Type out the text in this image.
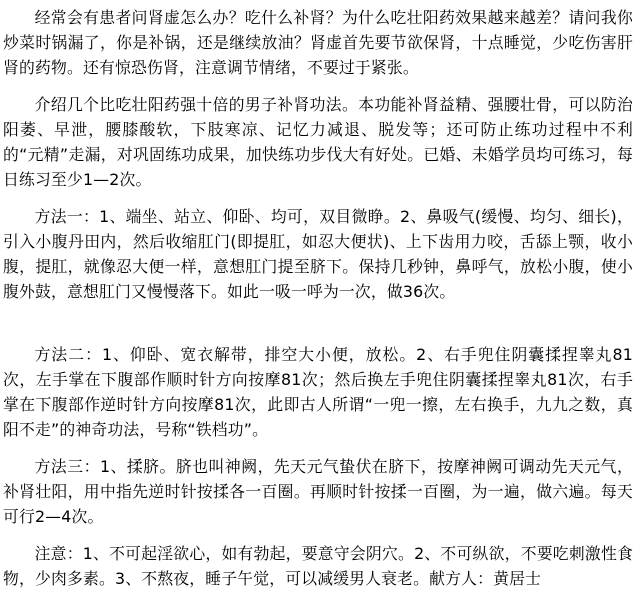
经常会有患者问肾虚怎么办？吃什么补肾？为什么吃壮阳药效果越来越差？请问我你炒菜时锅漏了，你是补锅，还是继续放油？肾虚首先要节欲保肾，十点睡觉，少吃伤害肝肾的药物。还有惊恐伤肾，注意调节情绪，不要过于紧张。

介绍几个比吃壮阳药强十倍的男子补肾功法。本功能补肾益精、强腰壮骨，可以防治阳萎、早泄，腰膝酸软，下肢寒凉、记忆力减退、脱发等；还可防止练功过程中不利的“元精”走漏，对巩固练功成果，加快练功步伐大有好处。已婚、未婚学员均可练习，每日练习至少1—2次。

方法一：1、端坐、站立、仰卧、均可，双目微睁。2、鼻吸气(缓慢、均匀、细长)，引入小腹丹田内，然后收缩肛门(即提肛，如忍大便状)、上下齿用力咬，舌舔上颚，收小腹，提肛，就像忍大便一样，意想肛门提至脐下。保持几秒钟，鼻呼气，放松小腹，使小腹外鼓，意想肛门又慢慢落下。如此一吸一呼为一次，做36次。

方法二：1、仰卧、宽衣解带，排空大小便，放松。2、右手兜住阴囊揉捏睾丸81次，左手掌在下腹部作顺时针方向按摩81次；然后换左手兜住阴囊揉捏睾丸81次，右手掌在下腹部作逆时针方向按摩81次，此即古人所谓“一兜一擦，左右换手，九九之数，真阳不走”的神奇功法，号称“铁档功”。

方法三：1、揉脐。脐也叫神阙，先天元气蛰伏在脐下，按摩神阙可调动先天元气，补肾壮阳，用中指先逆时针按揉各一百圈。再顺时针按揉一百圈，为一遍，做六遍。每天可行2—4次。

注意：1、不可起淫欲心，如有勃起，要意守会阴穴。2、不可纵欲，不要吃刺激性食物，少肉多素。3、不熬夜，睡子午觉，可以减缓男人衰老。献方人：黄居士
